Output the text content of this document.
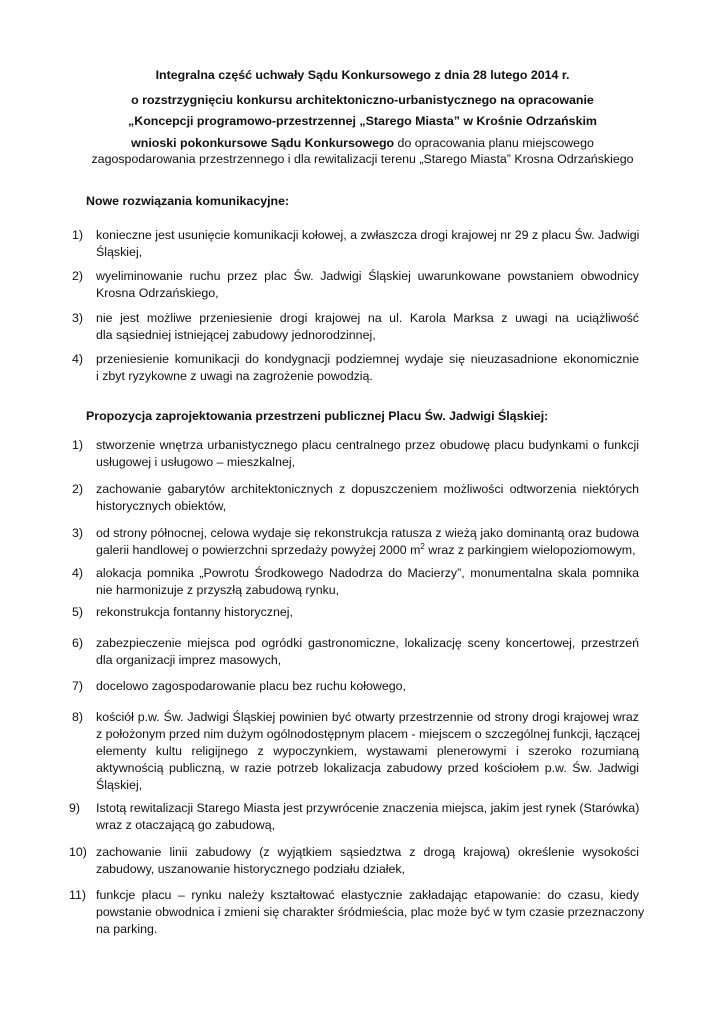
Integralna część uchwały Sądu Konkursowego z dnia 28 lutego 2014 r.
o rozstrzygnięciu konkursu architektoniczno-urbanistycznego na opracowanie
„Koncepcji programowo-przestrzennej „Starego Miasta” w Krośnie Odrzańskim
wnioski pokonkursowe Sądu Konkursowego do opracowania planu miejscowego
zagospodarowania przestrzennego i dla rewitalizacji terenu „Starego Miasta” Krosna Odrzańskiego
Nowe rozwiązania komunikacyjne:
1) konieczne jest usunięcie komunikacji kołowej, a zwłaszcza drogi krajowej nr 29 z placu Św. Jadwigi
Śląskiej,
2) wyeliminowanie ruchu przez plac Św. Jadwigi Śląskiej uwarunkowane powstaniem obwodnicy
Krosna Odrzańskiego,
3) nie jest możliwe przeniesienie drogi krajowej na ul. Karola Marksa z uwagi na uciążliwość
dla sąsiedniej istniejącej zabudowy jednorodzinnej,
4) przeniesienie komunikacji do kondygnacji podziemnej wydaje się nieuzasadnione ekonomicznie
i zbyt ryzykowne z uwagi na zagrożenie powodzią.
Propozycja zaprojektowania przestrzeni publicznej Placu Św. Jadwigi Śląskiej:
1) stworzenie wnętrza urbanistycznego placu centralnego przez obudowę placu budynkami o funkcji
usługowej i usługowo – mieszkalnej,
2) zachowanie gabarytów architektonicznych z dopuszczeniem możliwości odtworzenia niektórych
historycznych obiektów,
3) od strony północnej, celowa wydaje się rekonstrukcja ratusza z wieżą jako dominantą oraz budowa
galerii handlowej o powierzchni sprzedaży powyżej 2000 $m^2$ wraz z parkingiem wielopoziomowym,
4) alokacja pomnika „Powrotu Środkowego Nadodrza do Macierzy”, monumentalna skala pomnika
nie harmonizuje z przyszłą zabudową rynku,
5) rekonstrukcja fontanny historycznej,
6) zabezpieczenie miejsca pod ogródki gastronomiczne, lokalizację sceny koncertowej, przestrzeń
dla organizacji imprez masowych,
7) docelowo zagospodarowanie placu bez ruchu kołowego,
8) kościół p.w. Św. Jadwigi Śląskiej powinien być otwarty przestrzennie od strony drogi krajowej wraz
z położonym przed nim dużym ogólnodostępnym placem - miejscem o szczególnej funkcji, łączącej
elementy kultu religijnego z wypoczynkiem, wystawami plenerowymi i szeroko rozumianą
aktywnością publiczną, w razie potrzeb lokalizacja zabudowy przed kościołem p.w. Św. Jadwigi
Śląskiej,
9) Istotą rewitalizacji Starego Miasta jest przywrócenie znaczenia miejsca, jakim jest rynek (Starówka)
wraz z otaczającą go zabudową,
10) zachowanie linii zabudowy (z wyjątkiem sąsiedztwa z drogą krajową) określenie wysokości
zabudowy, uszanowanie historycznego podziału działek,
11) funkcje placu – rynku należy kształtować elastycznie zakładając etapowanie: do czasu, kiedy
powstanie obwodnica i zmieni się charakter śródmieścia, plac może być w tym czasie przeznaczony
na parking.
